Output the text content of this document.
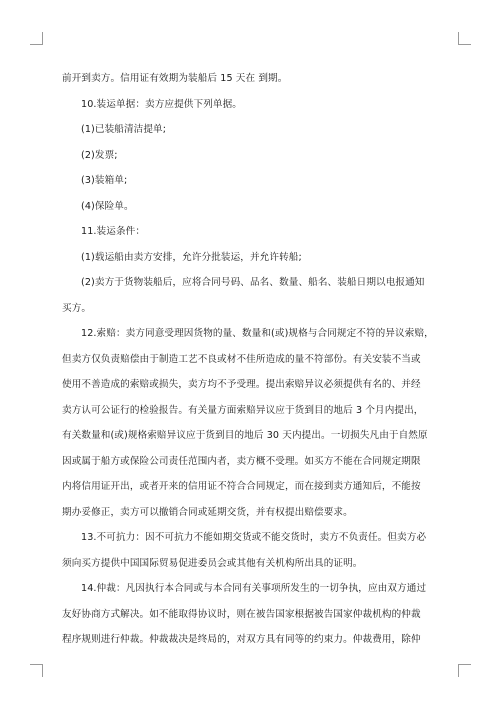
前开到卖方。信用证有效期为装船后 15 天在 到期。
10.装运单据：卖方应提供下列单据。
(1)已装船清洁提单;
(2)发票;
(3)装箱单;
(4)保险单。
11.装运条件：
(1)载运船由卖方安排，允许分批装运，并允许转船;
(2)卖方于货物装船后，应将合同号码、品名、数量、船名、装船日期以电报通知
买方。
12.索赔：卖方同意受理因货物的量、数量和(或)规格与合同规定不符的异议索赔，
但卖方仅负责赔偿由于制造工艺不良或材不佳所造成的量不符部份。有关安装不当或
使用不善造成的索赔或损失，卖方均不予受理。提出索赔异议必须提供有名的、并经
卖方认可公证行的检验报告。有关量方面索赔异议应于货到目的地后 3 个月内提出，
有关数量和(或)规格索赔异议应于货到目的地后 30 天内提出。一切损失凡由于自然原
因或属于船方或保险公司责任范围内者，卖方概不受理。如买方不能在合同规定期限
内将信用证开出，或者开来的信用证不符合合同规定，而在接到卖方通知后，不能按
期办妥修正，卖方可以撤销合同或延期交货，并有权提出赔偿要求。
13.不可抗力：因不可抗力不能如期交货或不能交货时，卖方不负责任。但卖方必
须向买方提供中国国际贸易促进委员会或其他有关机构所出具的证明。
14.仲裁：凡因执行本合同或与本合同有关事项所发生的一切争执，应由双方通过
友好协商方式解决。如不能取得协议时，则在被告国家根据被告国家仲裁机构的仲裁
程序规则进行仲裁。仲裁裁决是终局的，对双方具有同等的约束力。仲裁费用，除仲
